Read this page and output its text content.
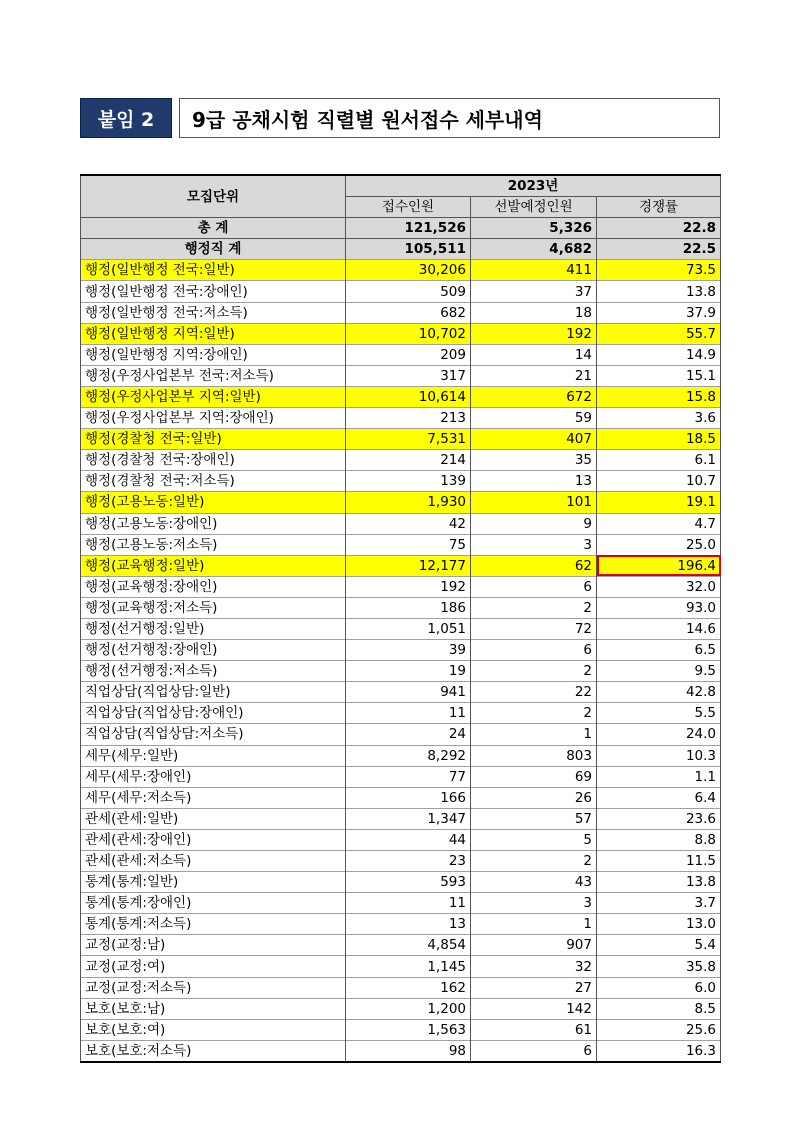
붙임 2	9급 공채시험 직렬별 원서접수 세부내역
모집단위	2023년		
	접수인원	선발예정인원	경쟁률
총 계	121,526	5,326	22.8
행정직 계	105,511	4,682	22.5
행정(일반행정 전국:일반)	30,206	411	73.5
행정(일반행정 전국:장애인)	509	37	13.8
행정(일반행정 전국:저소득)	682	18	37.9
행정(일반행정 지역:일반)	10,702	192	55.7
행정(일반행정 지역:장애인)	209	14	14.9
행정(우정사업본부 전국:저소득)	317	21	15.1
행정(우정사업본부 지역:일반)	10,614	672	15.8
행정(우정사업본부 지역:장애인)	213	59	3.6
행정(경찰청 전국:일반)	7,531	407	18.5
행정(경찰청 전국:장애인)	214	35	6.1
행정(경찰청 전국:저소득)	139	13	10.7
행정(고용노동:일반)	1,930	101	19.1
행정(고용노동:장애인)	42	9	4.7
행정(고용노동:저소득)	75	3	25.0
행정(교육행정:일반)	12,177	62	196.4
행정(교육행정:장애인)	192	6	32.0
행정(교육행정:저소득)	186	2	93.0
행정(선거행정:일반)	1,051	72	14.6
행정(선거행정:장애인)	39	6	6.5
행정(선거행정:저소득)	19	2	9.5
직업상담(직업상담:일반)	941	22	42.8
직업상담(직업상담:장애인)	11	2	5.5
직업상담(직업상담:저소득)	24	1	24.0
세무(세무:일반)	8,292	803	10.3
세무(세무:장애인)	77	69	1.1
세무(세무:저소득)	166	26	6.4
관세(관세:일반)	1,347	57	23.6
관세(관세:장애인)	44	5	8.8
관세(관세:저소득)	23	2	11.5
통계(통계:일반)	593	43	13.8
통계(통계:장애인)	11	3	3.7
통계(통계:저소득)	13	1	13.0
교정(교정:남)	4,854	907	5.4
교정(교정:여)	1,145	32	35.8
교정(교정:저소득)	162	27	6.0
보호(보호:남)	1,200	142	8.5
보호(보호:여)	1,563	61	25.6
보호(보호:저소득)	98	6	16.3
